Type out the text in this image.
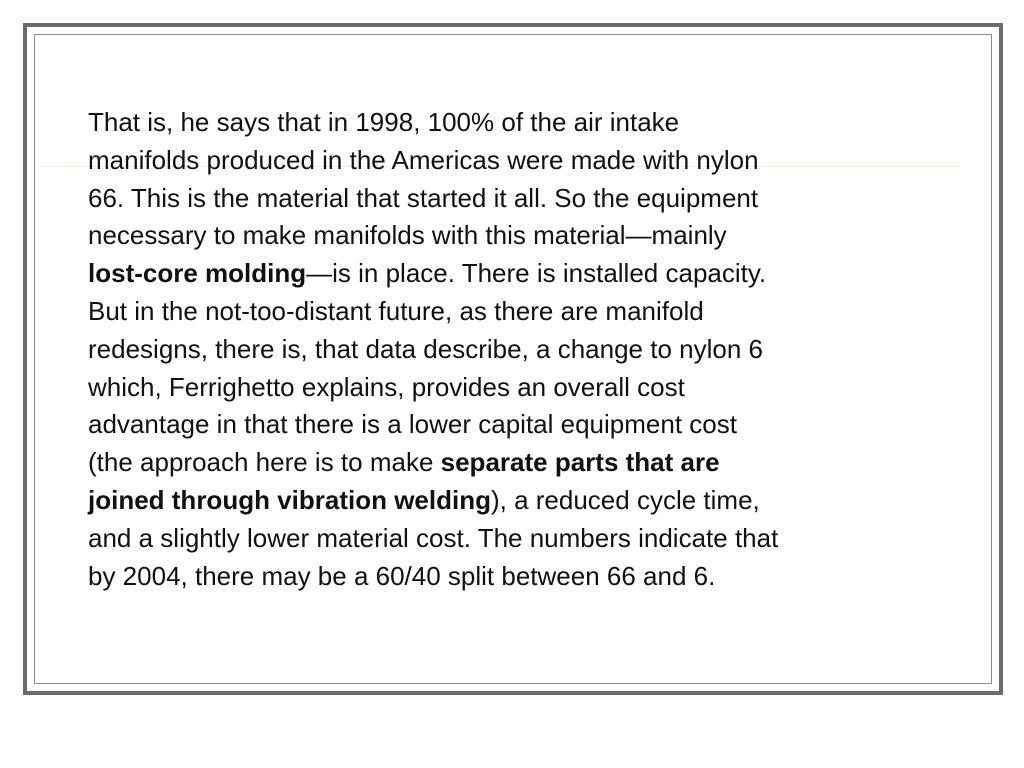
That is, he says that in 1998, 100% of the air intake
manifolds produced in the Americas were made with nylon
66. This is the material that started it all. So the equipment
necessary to make manifolds with this material—mainly
lost-core molding—is in place. There is installed capacity.
But in the not-too-distant future, as there are manifold
redesigns, there is, that data describe, a change to nylon 6
which, Ferrighetto explains, provides an overall cost
advantage in that there is a lower capital equipment cost
(the approach here is to make separate parts that are
joined through vibration welding), a reduced cycle time,
and a slightly lower material cost. The numbers indicate that
by 2004, there may be a 60/40 split between 66 and 6.
